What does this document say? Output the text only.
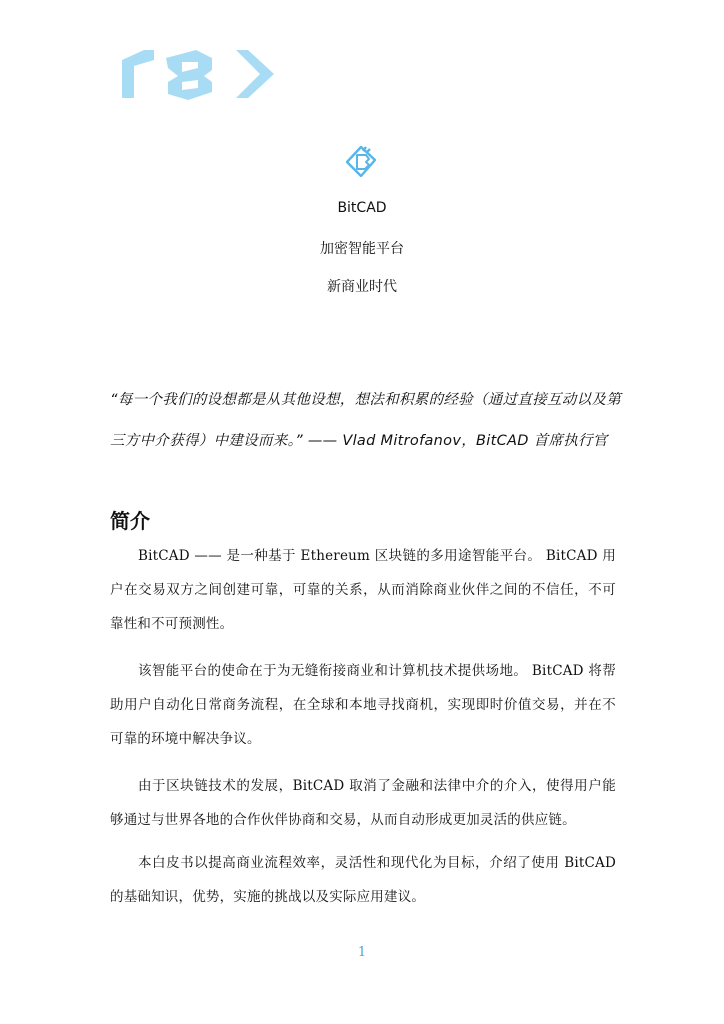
BitCAD
加密智能平台
新商业时代
“每一个我们的设想都是从其他设想，想法和积累的经验（通过直接互动以及第
三方中介获得）中建设而来。” —— Vlad Mitrofanov，BitCAD 首席执行官
简介
BitCAD —— 是一种基于 Ethereum 区块链的多用途智能平台。 BitCAD 用户在交易双方之间创建可靠，可靠的关系，从而消除商业伙伴之间的不信任，不可靠性和不可预测性。
该智能平台的使命在于为无缝衔接商业和计算机技术提供场地。 BitCAD 将帮助用户自动化日常商务流程，在全球和本地寻找商机，实现即时价值交易，并在不可靠的环境中解决争议。
由于区块链技术的发展，BitCAD 取消了金融和法律中介的介入，使得用户能够通过与世界各地的合作伙伴协商和交易，从而自动形成更加灵活的供应链。
本白皮书以提高商业流程效率，灵活性和现代化为目标，介绍了使用 BitCAD 的基础知识，优势，实施的挑战以及实际应用建议。
1
